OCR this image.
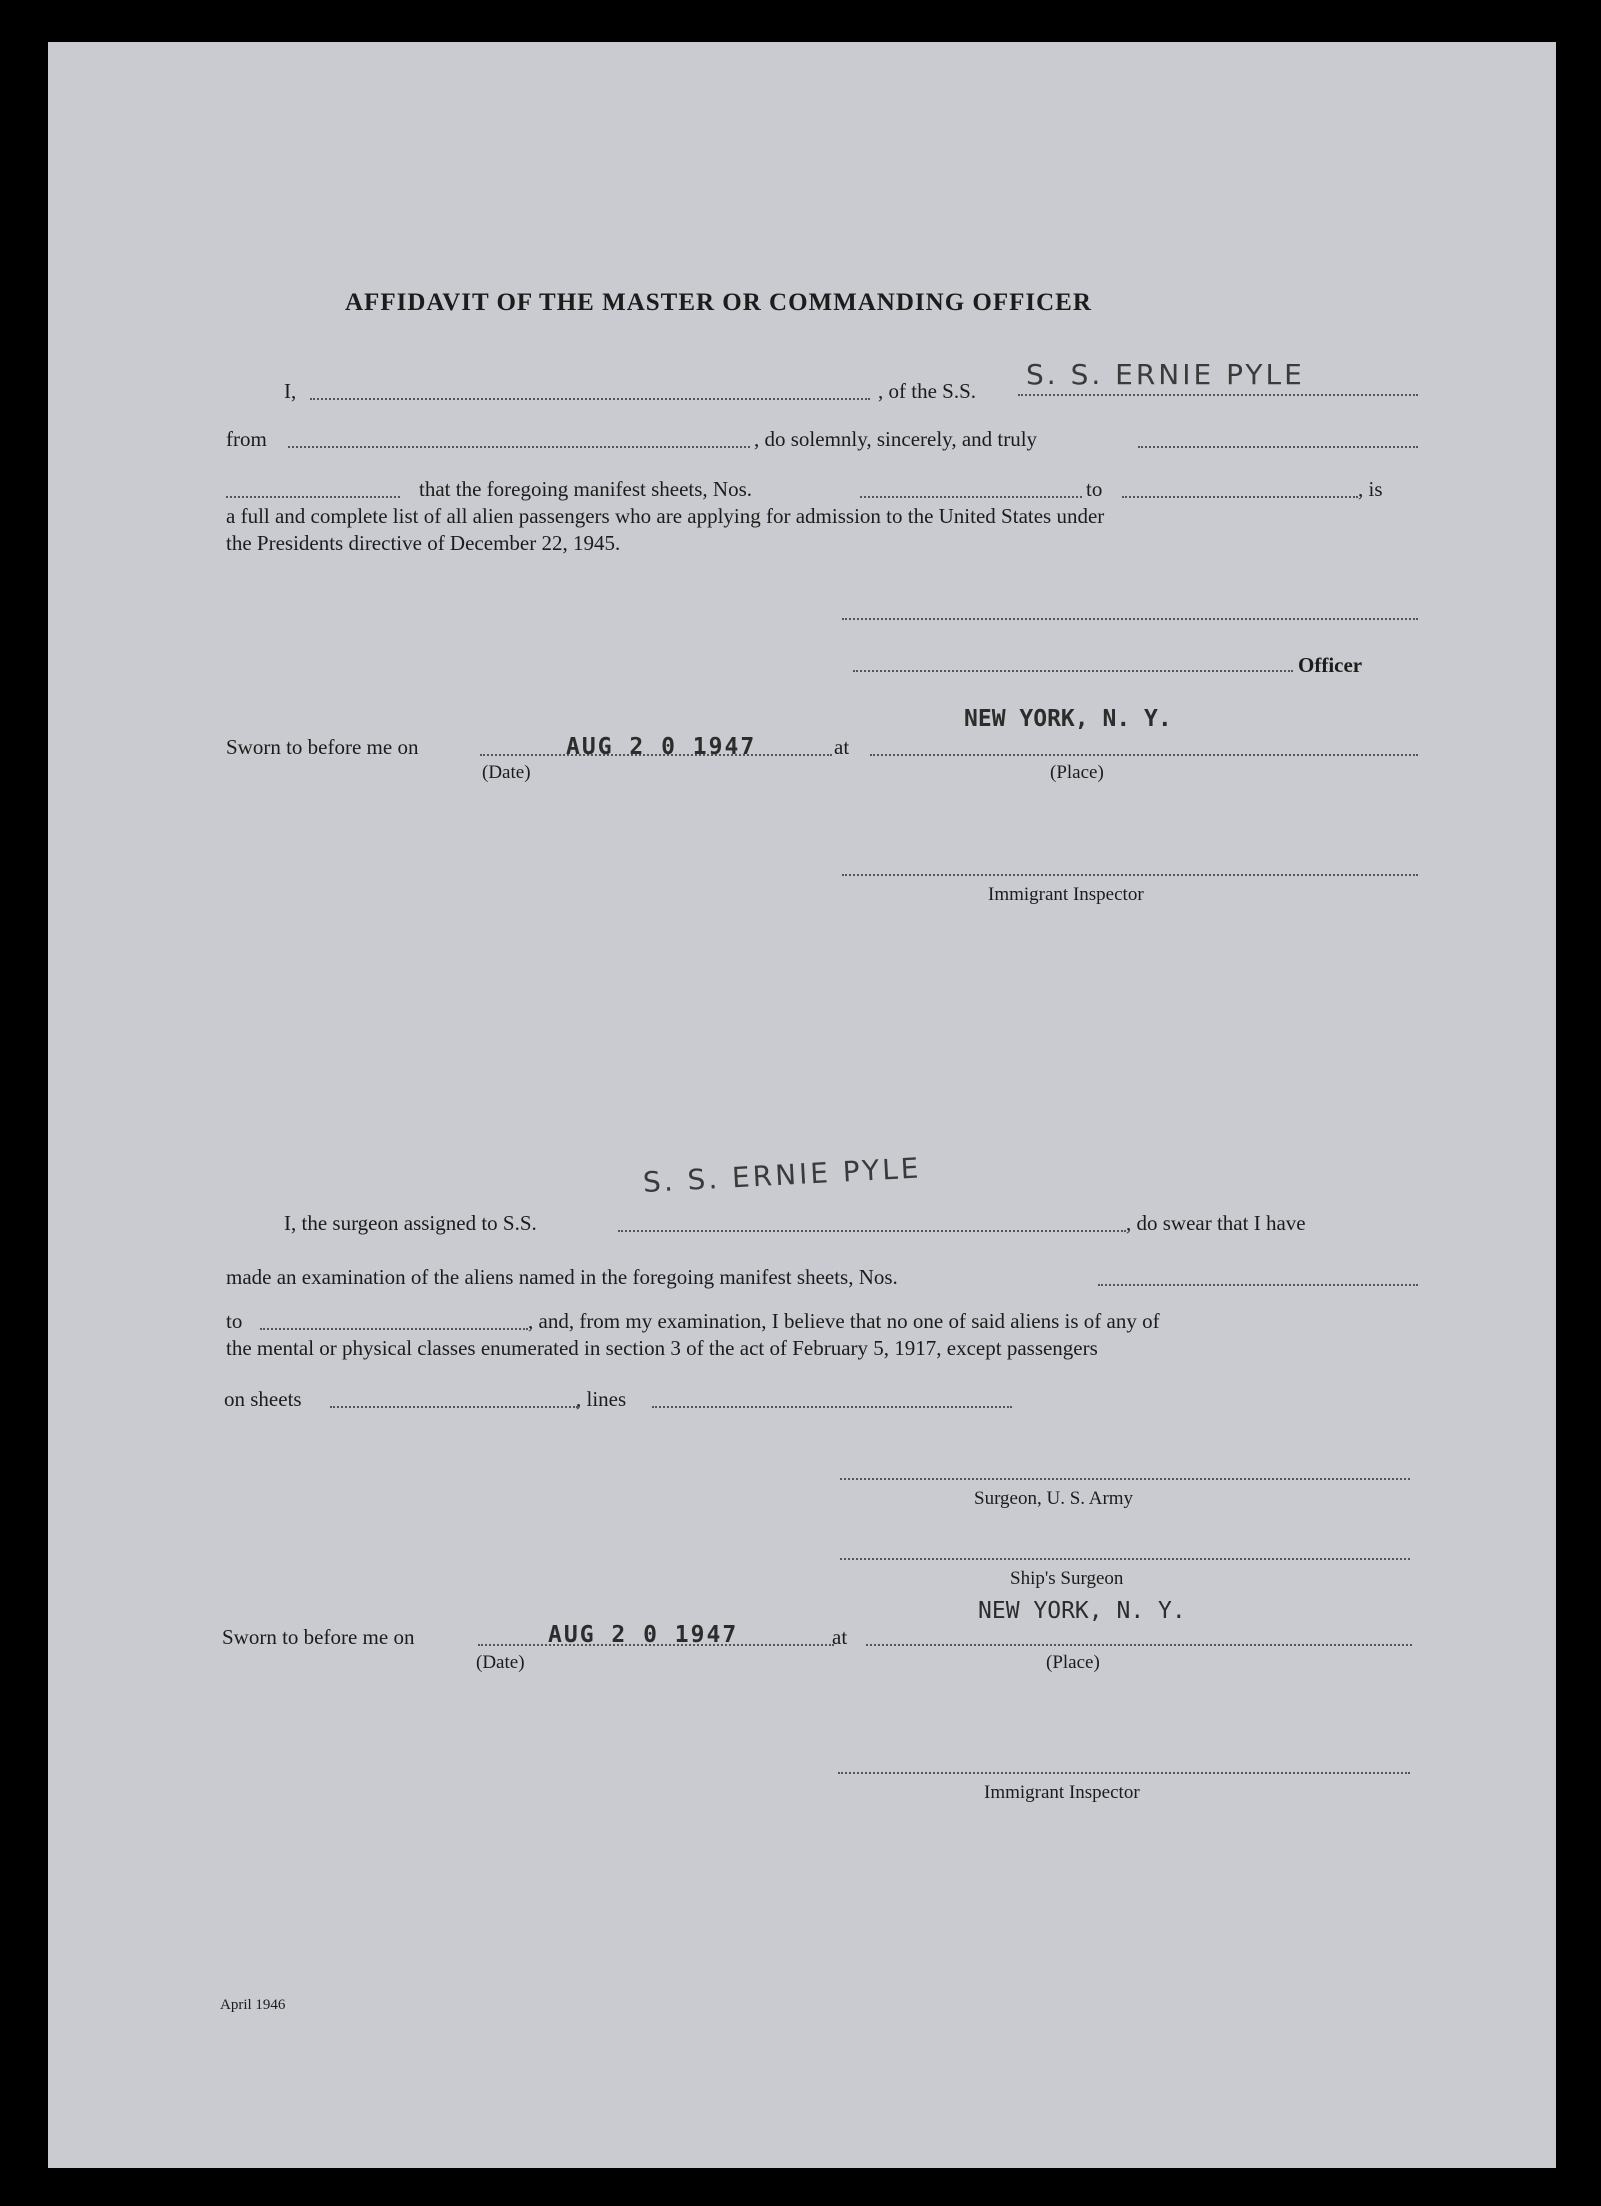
AFFIDAVIT OF THE MASTER OR COMMANDING OFFICER
I,	, of the S.S. S. S. ERNIE PYLE
from	, do solemnly, sincerely, and truly
that the foregoing manifest sheets, Nos.	to	, is
a full and complete list of all alien passengers who are applying for admission to the United States under
the Presidents directive of December 22, 1945.
Officer
Sworn to before me on	AUG 2 0 1947
(Date)
at
NEW YORK, N. Y.
(Place)
Immigrant Inspector
S. S. ERNIE PYLE
I, the surgeon assigned to S.S.	, do swear that I have
made an examination of the aliens named in the foregoing manifest sheets, Nos.
to	, and, from my examination, I believe that no one of said aliens is of any of
the mental or physical classes enumerated in section 3 of the act of February 5, 1917, except passengers
on sheets	, lines
Surgeon, U. S. Army
Ship's Surgeon
Sworn to before me on	AUG 2 0 1947
(Date)
at
NEW YORK, N. Y.
(Place)
Immigrant Inspector
April 1946
